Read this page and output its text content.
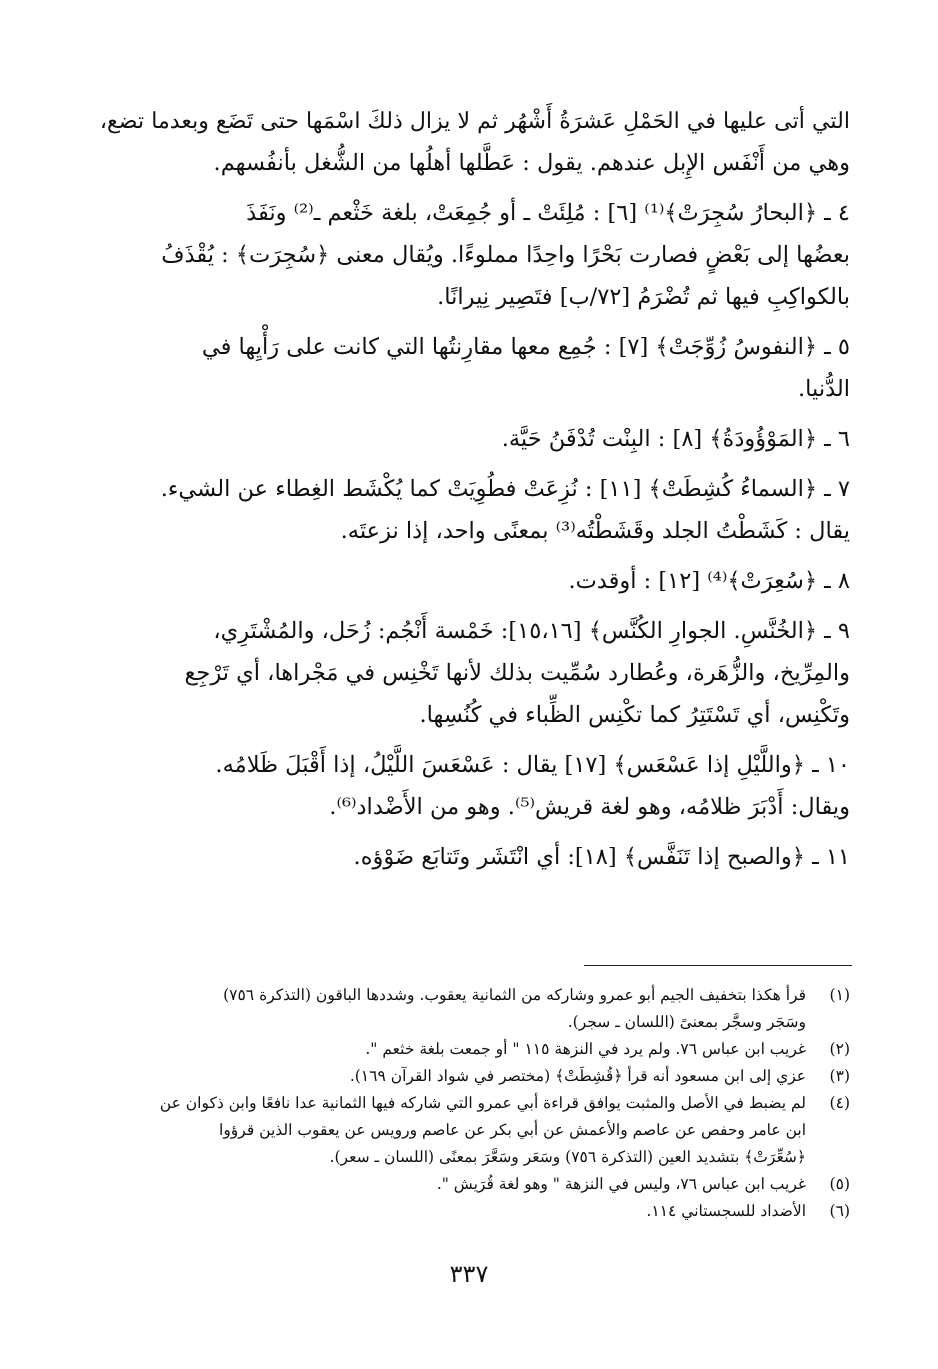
التي أتى عليها في الحَمْلِ عَشرَةُ أَشْهُر ثم لا يزال ذلكَ اسْمَها حتى تَضَع وبعدما تضع،
وهي من أَنْفَس الإِبل عندهم. يقول : عَطَّلها أهلُها من الشُّغل بأنفُسهم.

٤ ـ ﴿البحارُ سُجِرَتْ﴾⁽¹⁾ [٦] : مُلِئَتْ ـ أو جُمِعَتْ، بلغة خَثْعم ـ⁽²⁾ ونَفَذَ
بعضُها إلى بَعْضٍ فصارت بَحْرًا واحِدًا مملوءًا. ويُقال معنى ﴿سُجِرَت﴾ : يُقْذَفُ
بالكواكِبِ فيها ثم تُضْرَمُ [٧٢/ب] فتَصِير نِيرانًا.

٥ ـ ﴿النفوسُ زُوِّجَتْ﴾ [٧] : جُمِع معها مقارِنتُها التي كانت على رَأْيِها في
الدُّنيا.

٦ ـ ﴿المَوْؤُودَةُ﴾ [٨] : البِنْت تُدْفَنُ حَيَّة.

٧ ـ ﴿السماءُ كُشِطَتْ﴾ [١١] : نُزِعَتْ فطُوِيَتْ كما يُكْشَط الغِطاء عن الشيء.
يقال : كَشَطْتُ الجلد وقَشَطْتُه⁽³⁾ بمعنًى واحد، إذا نزعتَه.

٨ ـ ﴿سُعِرَتْ﴾⁽⁴⁾ [١٢] : أوقدت.

٩ ـ ﴿الخُنَّسِ. الجوارِ الكُنَّس﴾ [١٥،١٦]: خَمْسة أَنْجُم: زُحَل، والمُشْتَرِي،
والمِرِّيخ، والزُّهَرة، وعُطارد سُمِّيت بذلك لأنها تَخْنِس في مَجْراها، أي تَرْجِع
وتَكْنِس، أي تَسْتَتِرُ كما تكْنِس الظِّباء في كُنُسِها.

١٠ ـ ﴿واللَّيْلِ إذا عَسْعَس﴾ [١٧] يقال : عَسْعَسَ اللَّيْلُ، إذا أَقْبَلَ ظَلامُه.
ويقال: أَدْبَرَ ظلامُه، وهو لغة قريش⁽⁵⁾. وهو من الأَضْداد⁽⁶⁾.

١١ ـ ﴿والصبح إذا تَنَفَّس﴾ [١٨]: أي انْتَشَر وتَتابَع ضَوْؤه.

(١)
قرأ هكذا بتخفيف الجيم أبو عمرو وشاركه من الثمانية يعقوب. وشددها الباقون (التذكرة ٧٥٦)
وسَجَر وسجَّر بمعنىً (اللسان ـ سجر).
(٢)
غريب ابن عباس ٧٦. ولم يرد في النزهة ١١٥ " أو جمعت بلغة خثعم ".
(٣)
عزي إلى ابن مسعود أنه قرأ ﴿قُشِطَتْ﴾ (مختصر في شواد القرآن ١٦٩).
(٤)
لم يضبط في الأصل والمثبت يوافق قراءة أبي عمرو التي شاركه فيها الثمانية عدا نافعًا وابن ذكوان عن
ابن عامر وحفص عن عاصم والأعمش عن أبي بكر عن عاصم ورويس عن يعقوب الذين قرؤوا
﴿سُعِّرَتْ﴾ بتشديد العين (التذكرة ٧٥٦) وسَعَر وسَعَّرَ بمعنًى (اللسان ـ سعر).
(٥)
غريب ابن عباس ٧٦، وليس في النزهة " وهو لغة قُرَيش ".
(٦)
الأضداد للسجستاني ١١٤.
٣٣٧
